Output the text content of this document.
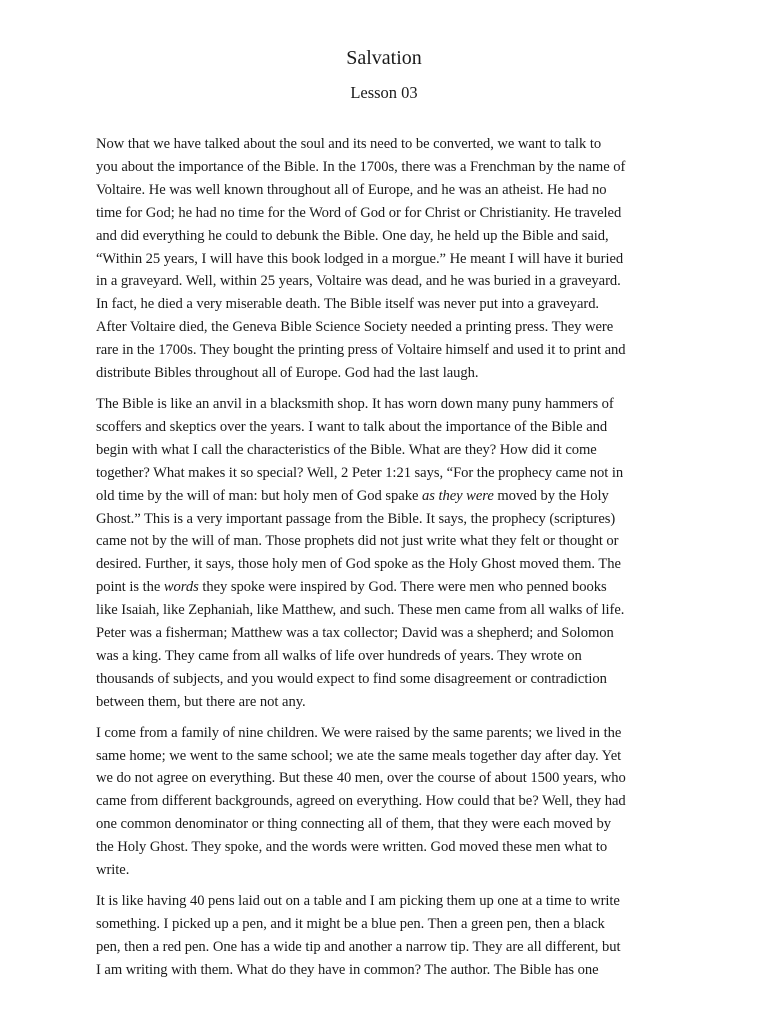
Salvation
Lesson 03

Now that we have talked about the soul and its need to be converted, we want to talk to
you about the importance of the Bible. In the 1700s, there was a Frenchman by the name of
Voltaire. He was well known throughout all of Europe, and he was an atheist. He had no
time for God; he had no time for the Word of God or for Christ or Christianity. He traveled
and did everything he could to debunk the Bible. One day, he held up the Bible and said,
“Within 25 years, I will have this book lodged in a morgue.” He meant I will have it buried
in a graveyard. Well, within 25 years, Voltaire was dead, and he was buried in a graveyard.
In fact, he died a very miserable death. The Bible itself was never put into a graveyard.
After Voltaire died, the Geneva Bible Science Society needed a printing press. They were
rare in the 1700s. They bought the printing press of Voltaire himself and used it to print and
distribute Bibles throughout all of Europe. God had the last laugh.

The Bible is like an anvil in a blacksmith shop. It has worn down many puny hammers of
scoffers and skeptics over the years. I want to talk about the importance of the Bible and
begin with what I call the characteristics of the Bible. What are they? How did it come
together? What makes it so special? Well, 2 Peter 1:21 says, “For the prophecy came not in
old time by the will of man: but holy men of God spake as they were moved by the Holy
Ghost.” This is a very important passage from the Bible. It says, the prophecy (scriptures)
came not by the will of man. Those prophets did not just write what they felt or thought or
desired. Further, it says, those holy men of God spoke as the Holy Ghost moved them. The
point is the words they spoke were inspired by God. There were men who penned books
like Isaiah, like Zephaniah, like Matthew, and such. These men came from all walks of life.
Peter was a fisherman; Matthew was a tax collector; David was a shepherd; and Solomon
was a king. They came from all walks of life over hundreds of years. They wrote on
thousands of subjects, and you would expect to find some disagreement or contradiction
between them, but there are not any.

I come from a family of nine children. We were raised by the same parents; we lived in the
same home; we went to the same school; we ate the same meals together day after day. Yet
we do not agree on everything. But these 40 men, over the course of about 1500 years, who
came from different backgrounds, agreed on everything. How could that be? Well, they had
one common denominator or thing connecting all of them, that they were each moved by
the Holy Ghost. They spoke, and the words were written. God moved these men what to
write.

It is like having 40 pens laid out on a table and I am picking them up one at a time to write
something. I picked up a pen, and it might be a blue pen. Then a green pen, then a black
pen, then a red pen. One has a wide tip and another a narrow tip. They are all different, but
I am writing with them. What do they have in common? The author. The Bible has one
